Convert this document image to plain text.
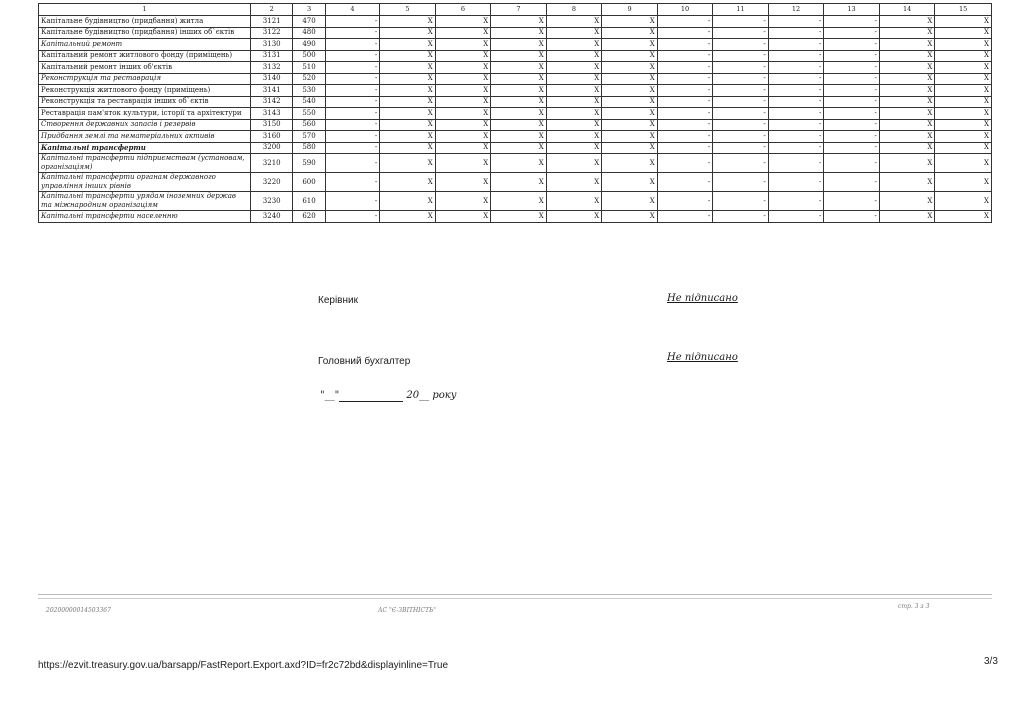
1	2	3	4	5	6	7	8	9	10	11	12	13	14	15
Капітальне будівництво (придбання) житла	3121	470	-	X	X	X	X	X	-	-	-	-	X	X
Капітальне будівництво (придбання) інших об`єктів	3122	480	-	X	X	X	X	X	-	-	-	-	X	X
Капітальний ремонт	3130	490	-	X	X	X	X	X	-	-	-	-	X	X
Капітальний ремонт житлового фонду (приміщень)	3131	500	-	X	X	X	X	X	-	-	-	-	X	X
Капітальний ремонт інших об'єктів	3132	510	-	X	X	X	X	X	-	-	-	-	X	X
Реконструкція та реставрація	3140	520	-	X	X	X	X	X	-	-	-	-	X	X
Реконструкція житлового фонду (приміщень)	3141	530	-	X	X	X	X	X	-	-	-	-	X	X
Реконструкція та реставрація інших об`єктів	3142	540	-	X	X	X	X	X	-	-	-	-	X	X
Реставрація пам'яток культури, історії та архітектури	3143	550	-	X	X	X	X	X	-	-	-	-	X	X
Створення державних запасів і резервів	3150	560	-	X	X	X	X	X	-	-	-	-	X	X
Придбання землі та нематеріальних активів	3160	570	-	X	X	X	X	X	-	-	-	-	X	X
Капітальні трансферти	3200	580	-	X	X	X	X	X	-	-	-	-	X	X
Капітальні трансферти підприємствам (установам, організаціям)	3210	590	-	X	X	X	X	X	-	-	-	-	X	X
Капітальні трансферти органам державного управління інших рівнів	3220	600	-	X	X	X	X	X	-	-	-	-	X	X
Капітальні трансферти урядам іноземних держав та міжнародним організаціям	3230	610	-	X	X	X	X	X	-	-	-	-	X	X
Капітальні трансферти населенню	3240	620	-	X	X	X	X	X	-	-	-	-	X	X
Керівник	Не підписано
Головний бухгалтер	Не підписано
"__"	20__ року
20200000014503367	АС "Є-ЗВІТНІСТЬ"
стр. 3 з 3
https://ezvit.treasury.gov.ua/barsapp/FastReport.Export.axd?ID=fr2c72bd&displayinline=True	3/3
